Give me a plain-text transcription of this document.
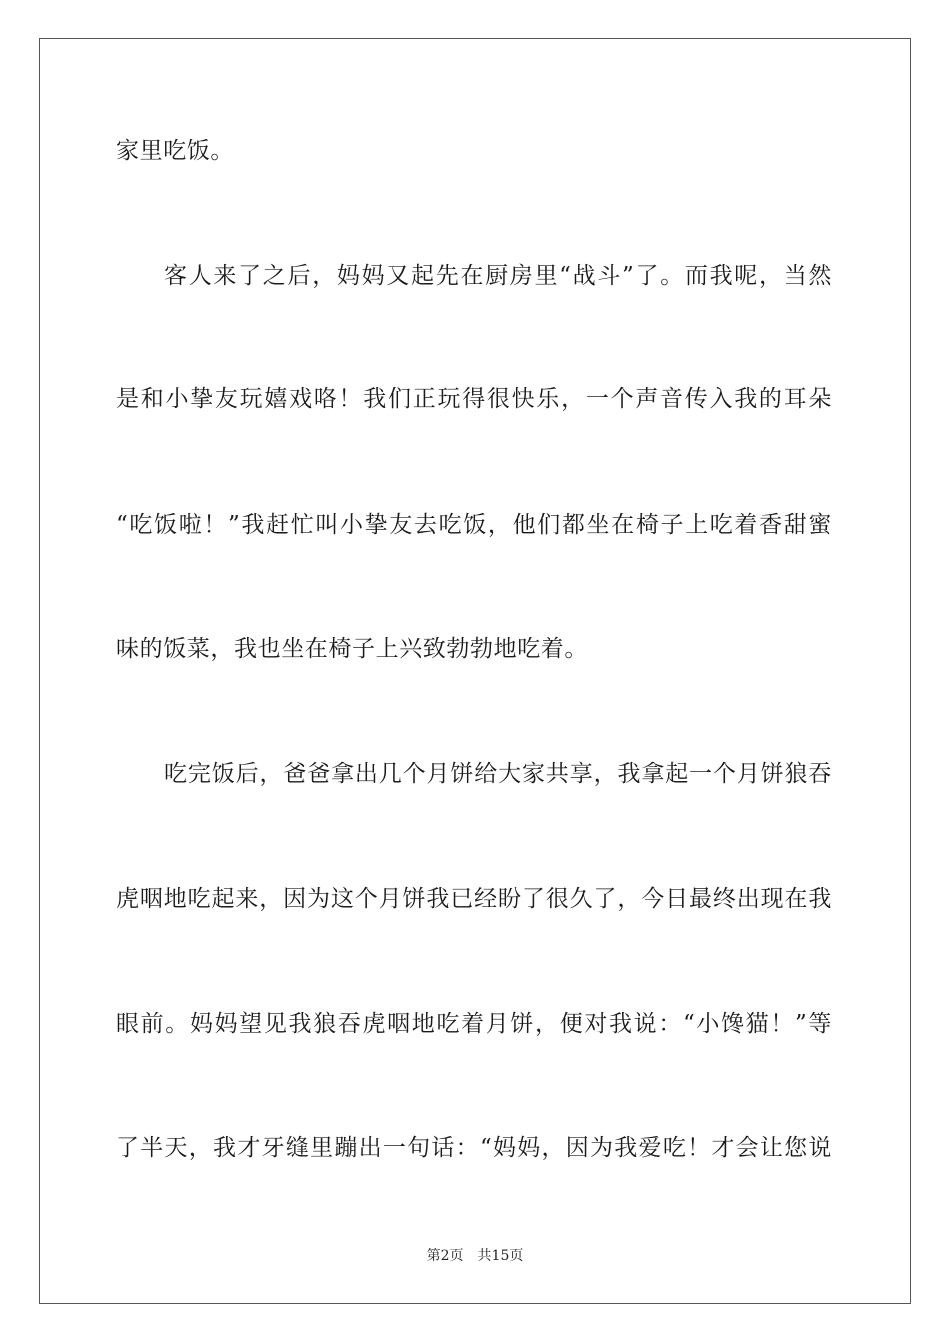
家里吃饭。
客人来了之后，妈妈又起先在厨房里“战斗”了。而我呢，当然
是和小挚友玩嬉戏咯！我们正玩得很快乐，一个声音传入我的耳朵
“吃饭啦！”我赶忙叫小挚友去吃饭，他们都坐在椅子上吃着香甜蜜
味的饭菜，我也坐在椅子上兴致勃勃地吃着。
吃完饭后，爸爸拿出几个月饼给大家共享，我拿起一个月饼狼吞
虎咽地吃起来，因为这个月饼我已经盼了很久了，今日最终出现在我
眼前。妈妈望见我狼吞虎咽地吃着月饼，便对我说：“小馋猫！”等
了半天，我才牙缝里蹦出一句话：“妈妈，因为我爱吃！才会让您说
第2页 共15页
